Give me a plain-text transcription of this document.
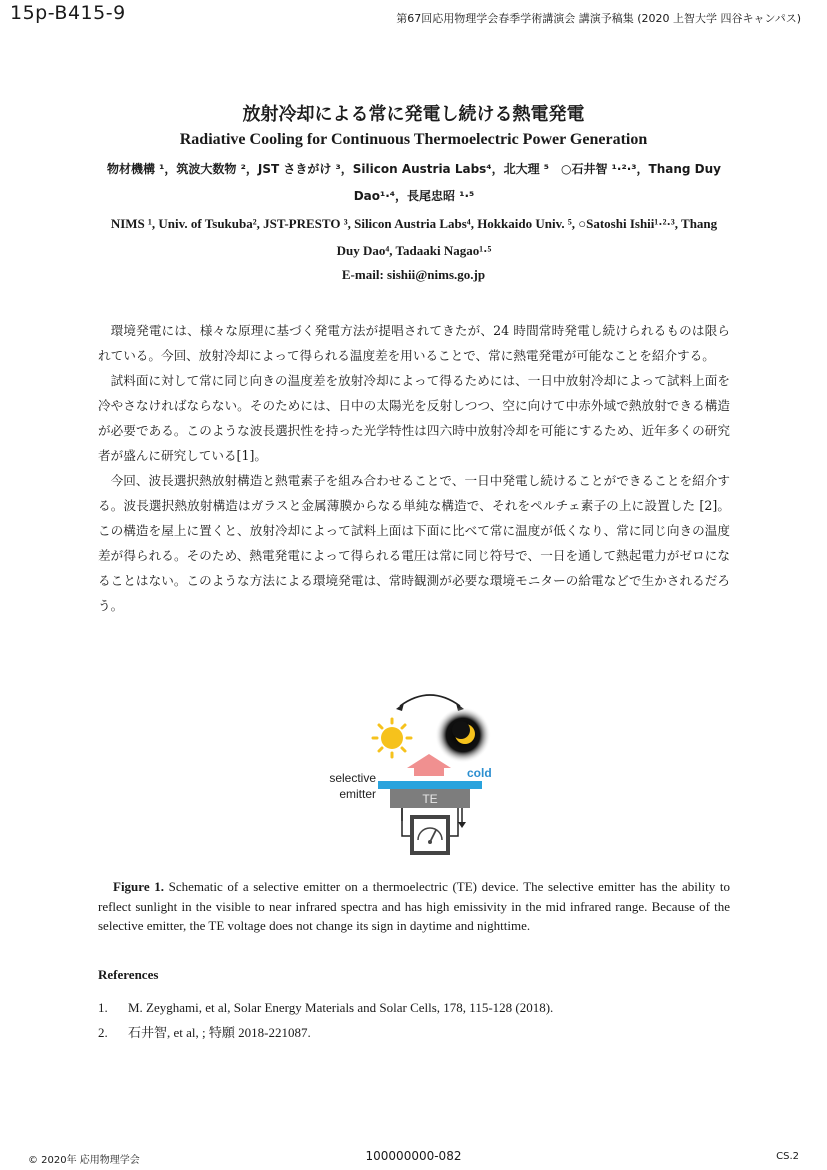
15p-B415-9	第67回応用物理学会春季学術講演会 講演予稿集 (2020 上智大学 四谷キャンパス)
放射冷却による常に発電し続ける熱電発電
Radiative Cooling for Continuous Thermoelectric Power Generation
物材機構 ¹，筑波大数物 ²，JST さきがけ ³，Silicon Austria Labs⁴，北大理 ⁵　○石井智 ¹·²·³，Thang Duy Dao¹·⁴，長尾忠昭 ¹·⁵
NIMS ¹, Univ. of Tsukuba², JST-PRESTO ³, Silicon Austria Labs⁴, Hokkaido Univ. ⁵, ○Satoshi Ishii¹·²·³, Thang Duy Dao⁴, Tadaaki Nagao¹·⁵
E-mail: sishii@nims.go.jp

環境発電には、様々な原理に基づく発電方法が提唱されてきたが、24 時間常時発電し続けられるものは限られている。今回、放射冷却によって得られる温度差を用いることで、常に熱電発電が可能なことを紹介する。

試料面に対して常に同じ向きの温度差を放射冷却によって得るためには、一日中放射冷却によって試料上面を冷やさなければならない。そのためには、日中の太陽光を反射しつつ、空に向けて中赤外域で熱放射できる構造が必要である。このような波長選択性を持った光学特性は四六時中放射冷却を可能にするため、近年多くの研究者が盛んに研究している[1]。

今回、波長選択熱放射構造と熱電素子を組み合わせることで、一日中発電し続けることができることを紹介する。波長選択熱放射構造はガラスと金属薄膜からなる単純な構造で、それをペルチェ素子の上に設置した [2]。この構造を屋上に置くと、放射冷却によって試料上面は下面に比べて常に温度が低くなり、常に同じ向きの温度差が得られる。そのため、熱電発電によって得られる電圧は常に同じ符号で、一日を通して熱起電力がゼロになることはない。このような方法による環境発電は、常時観測が必要な環境モニターの給電などで生かされるだろう。

selective
emitter
cold
TE

Figure 1. Schematic of a selective emitter on a thermoelectric (TE) device. The selective emitter has the ability to reflect sunlight in the visible to near infrared spectra and has high emissivity in the mid infrared range. Because of the selective emitter, the TE voltage does not change its sign in daytime and nighttime.

References
1.	M. Zeyghami, et al, Solar Energy Materials and Solar Cells, 178, 115-128 (2018).
2.	石井智, et al, ; 特願 2018-221087.
© 2020年 応用物理学会	100000000-082	CS.2
